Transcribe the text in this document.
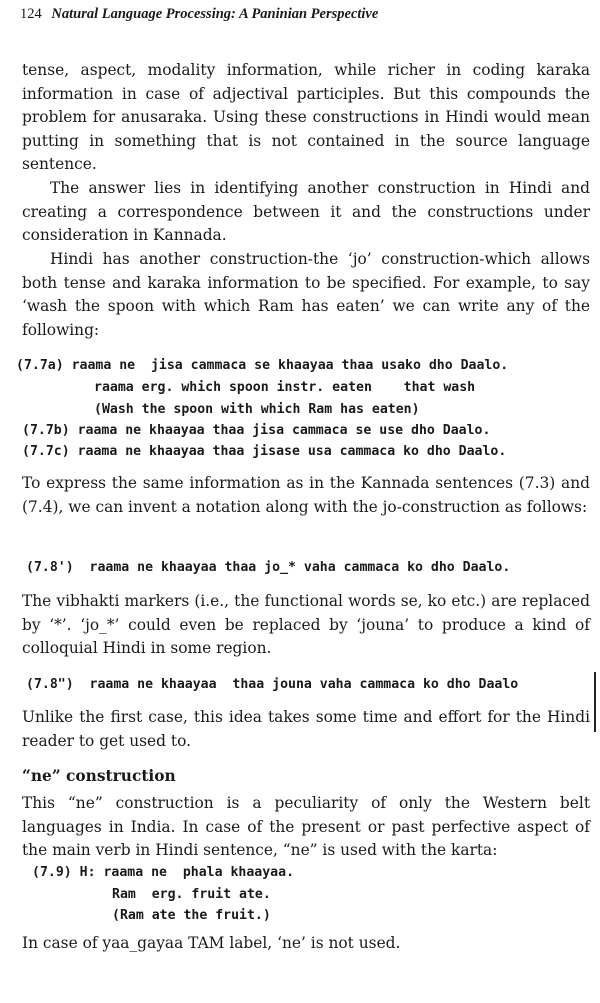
124 Natural Language Processing: A Paninian Perspective

tense, aspect, modality information, while richer in coding karaka information in case of adjectival participles. But this compounds the problem for anusaraka. Using these constructions in Hindi would mean putting in something that is not contained in the source language sentence.

The answer lies in identifying another construction in Hindi and creating a correspondence between it and the constructions under consideration in Kannada.

Hindi has another construction-the ‘jo’ construction-which allows both tense and karaka information to be specified. For example, to say ‘wash the spoon with which Ram has eaten’ we can write any of the following:

(7.7a) raama ne  jisa cammaca se khaayaa thaa usako dho Daalo.
raama erg. which spoon instr. eaten    that wash
(Wash the spoon with which Ram has eaten)
(7.7b) raama ne khaayaa thaa jisa cammaca se use dho Daalo.
(7.7c) raama ne khaayaa thaa jisase usa cammaca ko dho Daalo.

To express the same information as in the Kannada sentences (7.3) and (7.4), we can invent a notation along with the jo-construction as follows:

(7.8')  raama ne khaayaa thaa jo_* vaha cammaca ko dho Daalo.

The vibhakti markers (i.e., the functional words se, ko etc.) are replaced by ‘*’. ‘jo_*’ could even be replaced by ‘jouna’ to produce a kind of colloquial Hindi in some region.

(7.8")  raama ne khaayaa  thaa jouna vaha cammaca ko dho Daalo

Unlike the first case, this idea takes some time and effort for the Hindi reader to get used to.

“ne” construction

This “ne” construction is a peculiarity of only the Western belt languages in India. In case of the present or past perfective aspect of the main verb in Hindi sentence, “ne” is used with the karta:

(7.9) H: raama ne  phala khaayaa.
Ram  erg. fruit ate.
(Ram ate the fruit.)

In case of yaa_gayaa TAM label, ‘ne’ is not used.
